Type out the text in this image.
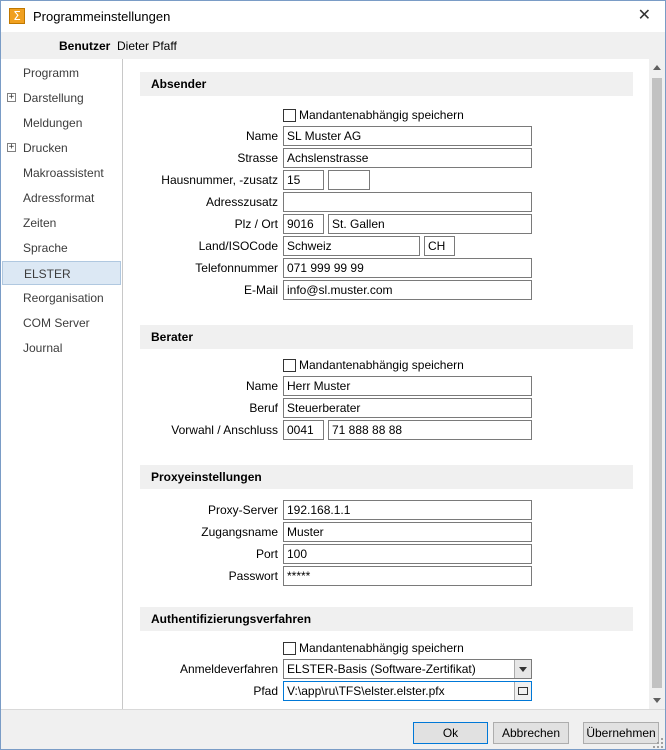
Σ Programmeinstellungen	✕
Benutzer Dieter Pfaff
Programm
+ Darstellung
Meldungen
+ Drucken
Makroassistent
Adressformat
Zeiten
Sprache
ELSTER
Reorganisation
COM Server
Journal
Absender
Mandantenabhängig speichern
Name SL Muster AG
Strasse Achslenstrasse
Hausnummer, -zusatz 15
Adresszusatz
Plz / Ort 9016	St. Gallen
Land/ISOCode Schweiz	CH
Telefonnummer 071 999 99 99
E-Mail info@sl.muster.com
Berater
Mandantenabhängig speichern
Name Herr Muster
Beruf Steuerberater
Vorwahl / Anschluss 0041	71 888 88 88
Proxyeinstellungen
Proxy-Server 192.168.1.1
Zugangsname Muster
Port 100
Passwort *****
Authentifizierungsverfahren
Mandantenabhängig speichern
Anmeldeverfahren ELSTER-Basis (Software-Zertifikat)
Pfad V:\app\ru\TFS\elster.elster.pfx
Ok	Abbrechen	Übernehmen
